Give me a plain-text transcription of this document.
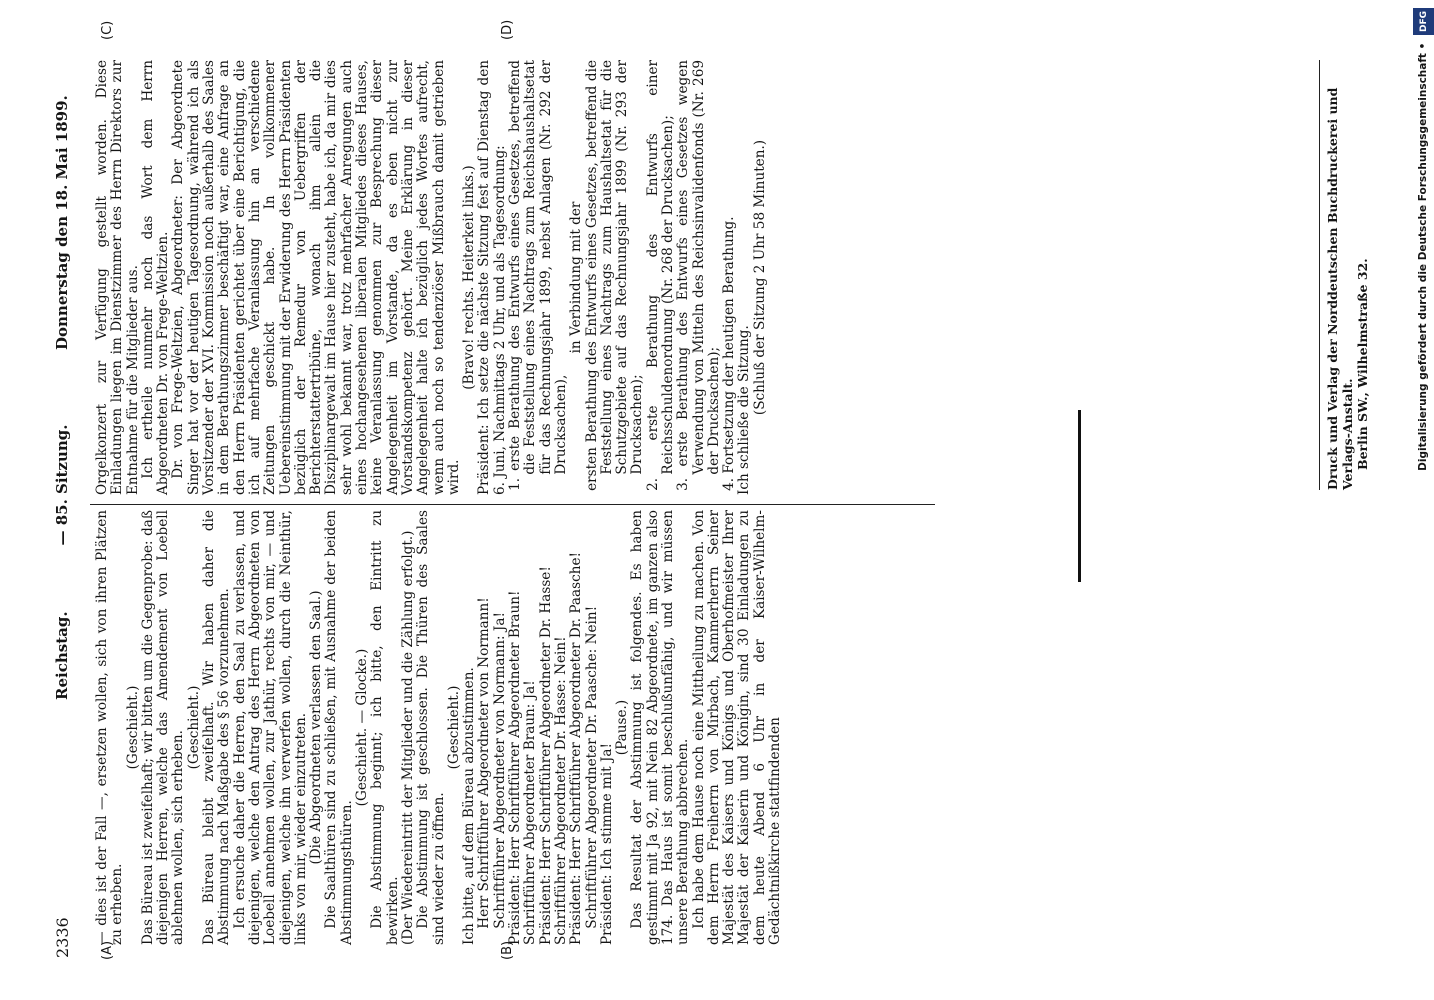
2336
Reichstag.
— 85. Sitzung.
Donnerstag den 18. Mai 1899.
(A)	(B)
(C)	(D)

— dies ist der Fall —, ersetzen wollen, sich von ihren Plätzen zu erheben.

(Geschieht.) Das Büreau ist zweifelhaft; wir bitten um die Gegenprobe: daß diejenigen Herren, welche das Amendement von Loebell ablehnen wollen, sich erheben.

(Geschieht.) Das Büreau bleibt zweifelhaft. Wir haben daher die Abstimmung nach Maßgabe des § 56 vorzunehmen. Ich ersuche daher die Herren, den Saal zu verlassen, und diejenigen, welche den Antrag des Herrn Abgeordneten von Loebell annehmen wollen, zur Jathür, rechts von mir, — und diejenigen, welche ihn verwerfen wollen, durch die Neinthür, links von mir, wieder einzutreten. (Die Abgeordneten verlassen den Saal.) Die Saalthüren sind zu schließen, mit Ausnahme der beiden Abstimmungsthüren.

(Geschieht. — Glocke.) Die Abstimmung beginnt; ich bitte, den Eintritt zu bewirken. (Der Wiedereintritt der Mitglieder und die Zählung erfolgt.) Die Abstimmung ist geschlossen. Die Thüren des Saales sind wieder zu öffnen.

(Geschieht.) Ich bitte, auf dem Büreau abzustimmen. Herr Schriftführer Abgeordneter von Normann! Schriftführer Abgeordneter von Normann: Ja! Präsident: Herr Schriftführer Abgeordneter Braun! Schriftführer Abgeordneter Braun: Ja! Präsident: Herr Schriftführer Abgeordneter Dr. Hasse! Schriftführer Abgeordneter Dr. Hasse: Nein! Präsident: Herr Schriftführer Abgeordneter Dr. Paasche! Schriftführer Abgeordneter Dr. Paasche: Nein! Präsident: Ich stimme mit Ja!

(Pause.) Das Resultat der Abstimmung ist folgendes. Es haben gestimmt mit Ja 92, mit Nein 82 Abgeordnete, im ganzen also 174. Das Haus ist somit beschlußunfähig, und wir müssen unsere Berathung abbrechen. Ich habe dem Hause noch eine Mittheilung zu machen. Von dem Herrn Freiherrn von Mirbach, Kammerherrn Seiner Majestät des Kaisers und Königs und Oberhofmeister Ihrer Majestät der Kaiserin und Königin, sind 30 Einladungen zu dem heute Abend 6 Uhr in der Kaiser-Wilhelm-Gedächtnißkirche stattfindenden

Orgelkonzert zur Verfügung gestellt worden. Diese Einladungen liegen im Dienstzimmer des Herrn Direktors zur Entnahme für die Mitglieder aus. Ich ertheile nunmehr noch das Wort dem Herrn Abgeordneten Dr. von Frege-Weltzien. Dr. von Frege-Weltzien, Abgeordneter: Der Abgeordnete Singer hat vor der heutigen Tagesordnung, während ich als Vorsitzender der XVI. Kommission noch außerhalb des Saales in dem Berathungszimmer beschäftigt war, eine Anfrage an den Herrn Präsidenten gerichtet über eine Berichtigung, die ich auf mehrfache Veranlassung hin an verschiedene Zeitungen geschickt habe. In vollkommener Uebereinstimmung mit der Erwiderung des Herrn Präsidenten bezüglich der Remedur von Uebergriffen der Berichterstattertribüne, wonach ihm allein die Disziplinargewalt im Hause hier zusteht, habe ich, da mir dies sehr wohl bekannt war, trotz mehrfacher Anregungen auch eines hochangesehenen liberalen Mitgliedes dieses Hauses, keine Veranlassung genommen zur Besprechung dieser Angelegenheit im Vorstande, da es eben nicht zur Vorstandskompetenz gehört. Meine Erklärung in dieser Angelegenheit halte ich bezüglich jedes Wortes aufrecht, wenn auch noch so tendenziöser Mißbrauch damit getrieben wird.

(Bravo! rechts. Heiterkeit links.) Präsident: Ich setze die nächste Sitzung fest auf Dienstag den 6. Juni, Nachmittags 2 Uhr, und als Tagesordnung: 1. erste Berathung des Entwurfs eines Gesetzes, betreffend die Feststellung eines Nachtrags zum Reichshaushaltsetat für das Rechnungsjahr 1899, nebst Anlagen (Nr. 292 der Drucksachen),

in Verbindung mit der ersten Berathung des Entwurfs eines Gesetzes, betreffend die Feststellung eines Nachtrags zum Haushaltsetat für die Schutzgebiete auf das Rechnungsjahr 1899 (Nr. 293 der Drucksachen); 2. erste Berathung des Entwurfs einer Reichsschuldenordnung (Nr. 268 der Drucksachen); 3. erste Berathung des Entwurfs eines Gesetzes wegen Verwendung von Mitteln des Reichsinvalidenfonds (Nr. 269 der Drucksachen); 4. Fortsetzung der heutigen Berathung. Ich schließe die Sitzung. (Schluß der Sitzung 2 Uhr 58 Minuten.)	Druck und Verlag der Norddeutschen Buchdruckerei und Verlags-Anstalt. Berlin SW., Wilhelmstraße 32.	Digitalisierung gefördert durch die Deutsche Forschungsgemeinschaft • DFG
